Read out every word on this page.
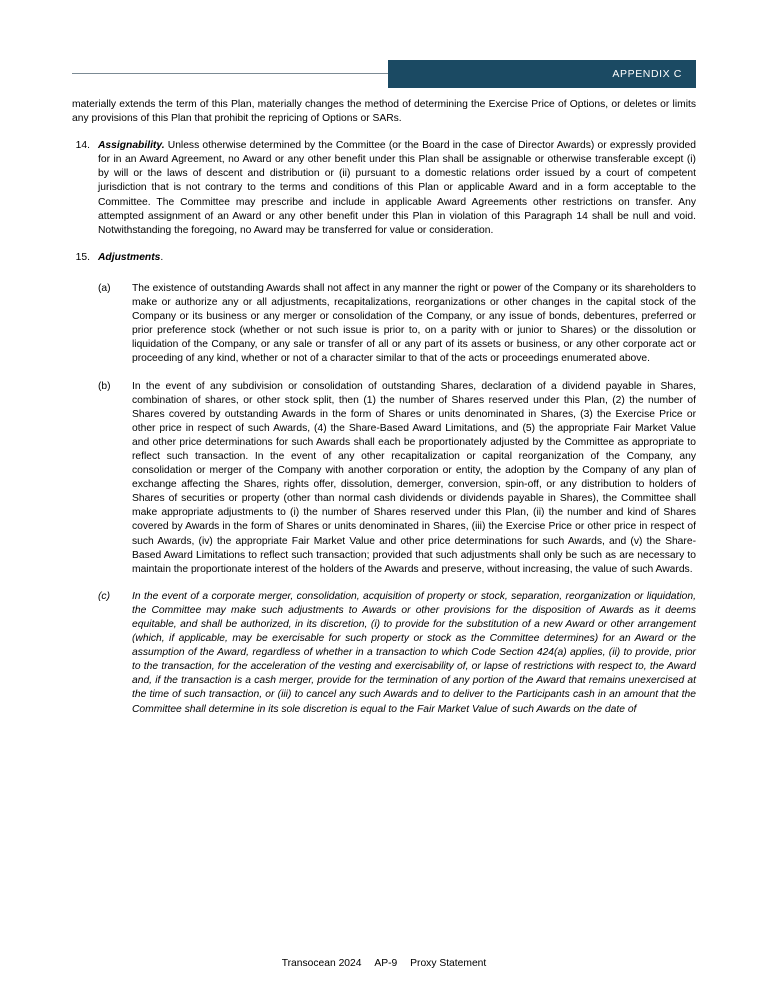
APPENDIX C

materially extends the term of this Plan, materially changes the method of determining the Exercise Price of Options, or deletes or limits any provisions of this Plan that prohibit the repricing of Options or SARs.

14. Assignability. Unless otherwise determined by the Committee (or the Board in the case of Director Awards) or expressly provided for in an Award Agreement, no Award or any other benefit under this Plan shall be assignable or otherwise transferable except (i) by will or the laws of descent and distribution or (ii) pursuant to a domestic relations order issued by a court of competent jurisdiction that is not contrary to the terms and conditions of this Plan or applicable Award and in a form acceptable to the Committee. The Committee may prescribe and include in applicable Award Agreements other restrictions on transfer. Any attempted assignment of an Award or any other benefit under this Plan in violation of this Paragraph 14 shall be null and void. Notwithstanding the foregoing, no Award may be transferred for value or consideration.
15. Adjustments.
(a)	The existence of outstanding Awards shall not affect in any manner the right or power of the Company or its shareholders to make or authorize any or all adjustments, recapitalizations, reorganizations or other changes in the capital stock of the Company or its business or any merger or consolidation of the Company, or any issue of bonds, debentures, preferred or prior preference stock (whether or not such issue is prior to, on a parity with or junior to Shares) or the dissolution or liquidation of the Company, or any sale or transfer of all or any part of its assets or business, or any other corporate act or proceeding of any kind, whether or not of a character similar to that of the acts or proceedings enumerated above.
(b)	In the event of any subdivision or consolidation of outstanding Shares, declaration of a dividend payable in Shares, combination of shares, or other stock split, then (1) the number of Shares reserved under this Plan, (2) the number of Shares covered by outstanding Awards in the form of Shares or units denominated in Shares, (3) the Exercise Price or other price in respect of such Awards, (4) the Share-Based Award Limitations, and (5) the appropriate Fair Market Value and other price determinations for such Awards shall each be proportionately adjusted by the Committee as appropriate to reflect such transaction. In the event of any other recapitalization or capital reorganization of the Company, any consolidation or merger of the Company with another corporation or entity, the adoption by the Company of any plan of exchange affecting the Shares, rights offer, dissolution, demerger, conversion, spin-off, or any distribution to holders of Shares of securities or property (other than normal cash dividends or dividends payable in Shares), the Committee shall make appropriate adjustments to (i) the number of Shares reserved under this Plan, (ii) the number and kind of Shares covered by Awards in the form of Shares or units denominated in Shares, (iii) the Exercise Price or other price in respect of such Awards, (iv) the appropriate Fair Market Value and other price determinations for such Awards, and (v) the Share-Based Award Limitations to reflect such transaction; provided that such adjustments shall only be such as are necessary to maintain the proportionate interest of the holders of the Awards and preserve, without increasing, the value of such Awards.
(c)	In the event of a corporate merger, consolidation, acquisition of property or stock, separation, reorganization or liquidation, the Committee may make such adjustments to Awards or other provisions for the disposition of Awards as it deems equitable, and shall be authorized, in its discretion, (i) to provide for the substitution of a new Award or other arrangement (which, if applicable, may be exercisable for such property or stock as the Committee determines) for an Award or the assumption of the Award, regardless of whether in a transaction to which Code Section 424(a) applies, (ii) to provide, prior to the transaction, for the acceleration of the vesting and exercisability of, or lapse of restrictions with respect to, the Award and, if the transaction is a cash merger, provide for the termination of any portion of the Award that remains unexercised at the time of such transaction, or (iii) to cancel any such Awards and to deliver to the Participants cash in an amount that the Committee shall determine in its sole discretion is equal to the Fair Market Value of such Awards on the date of
Transocean 2024 AP-9 Proxy Statement
